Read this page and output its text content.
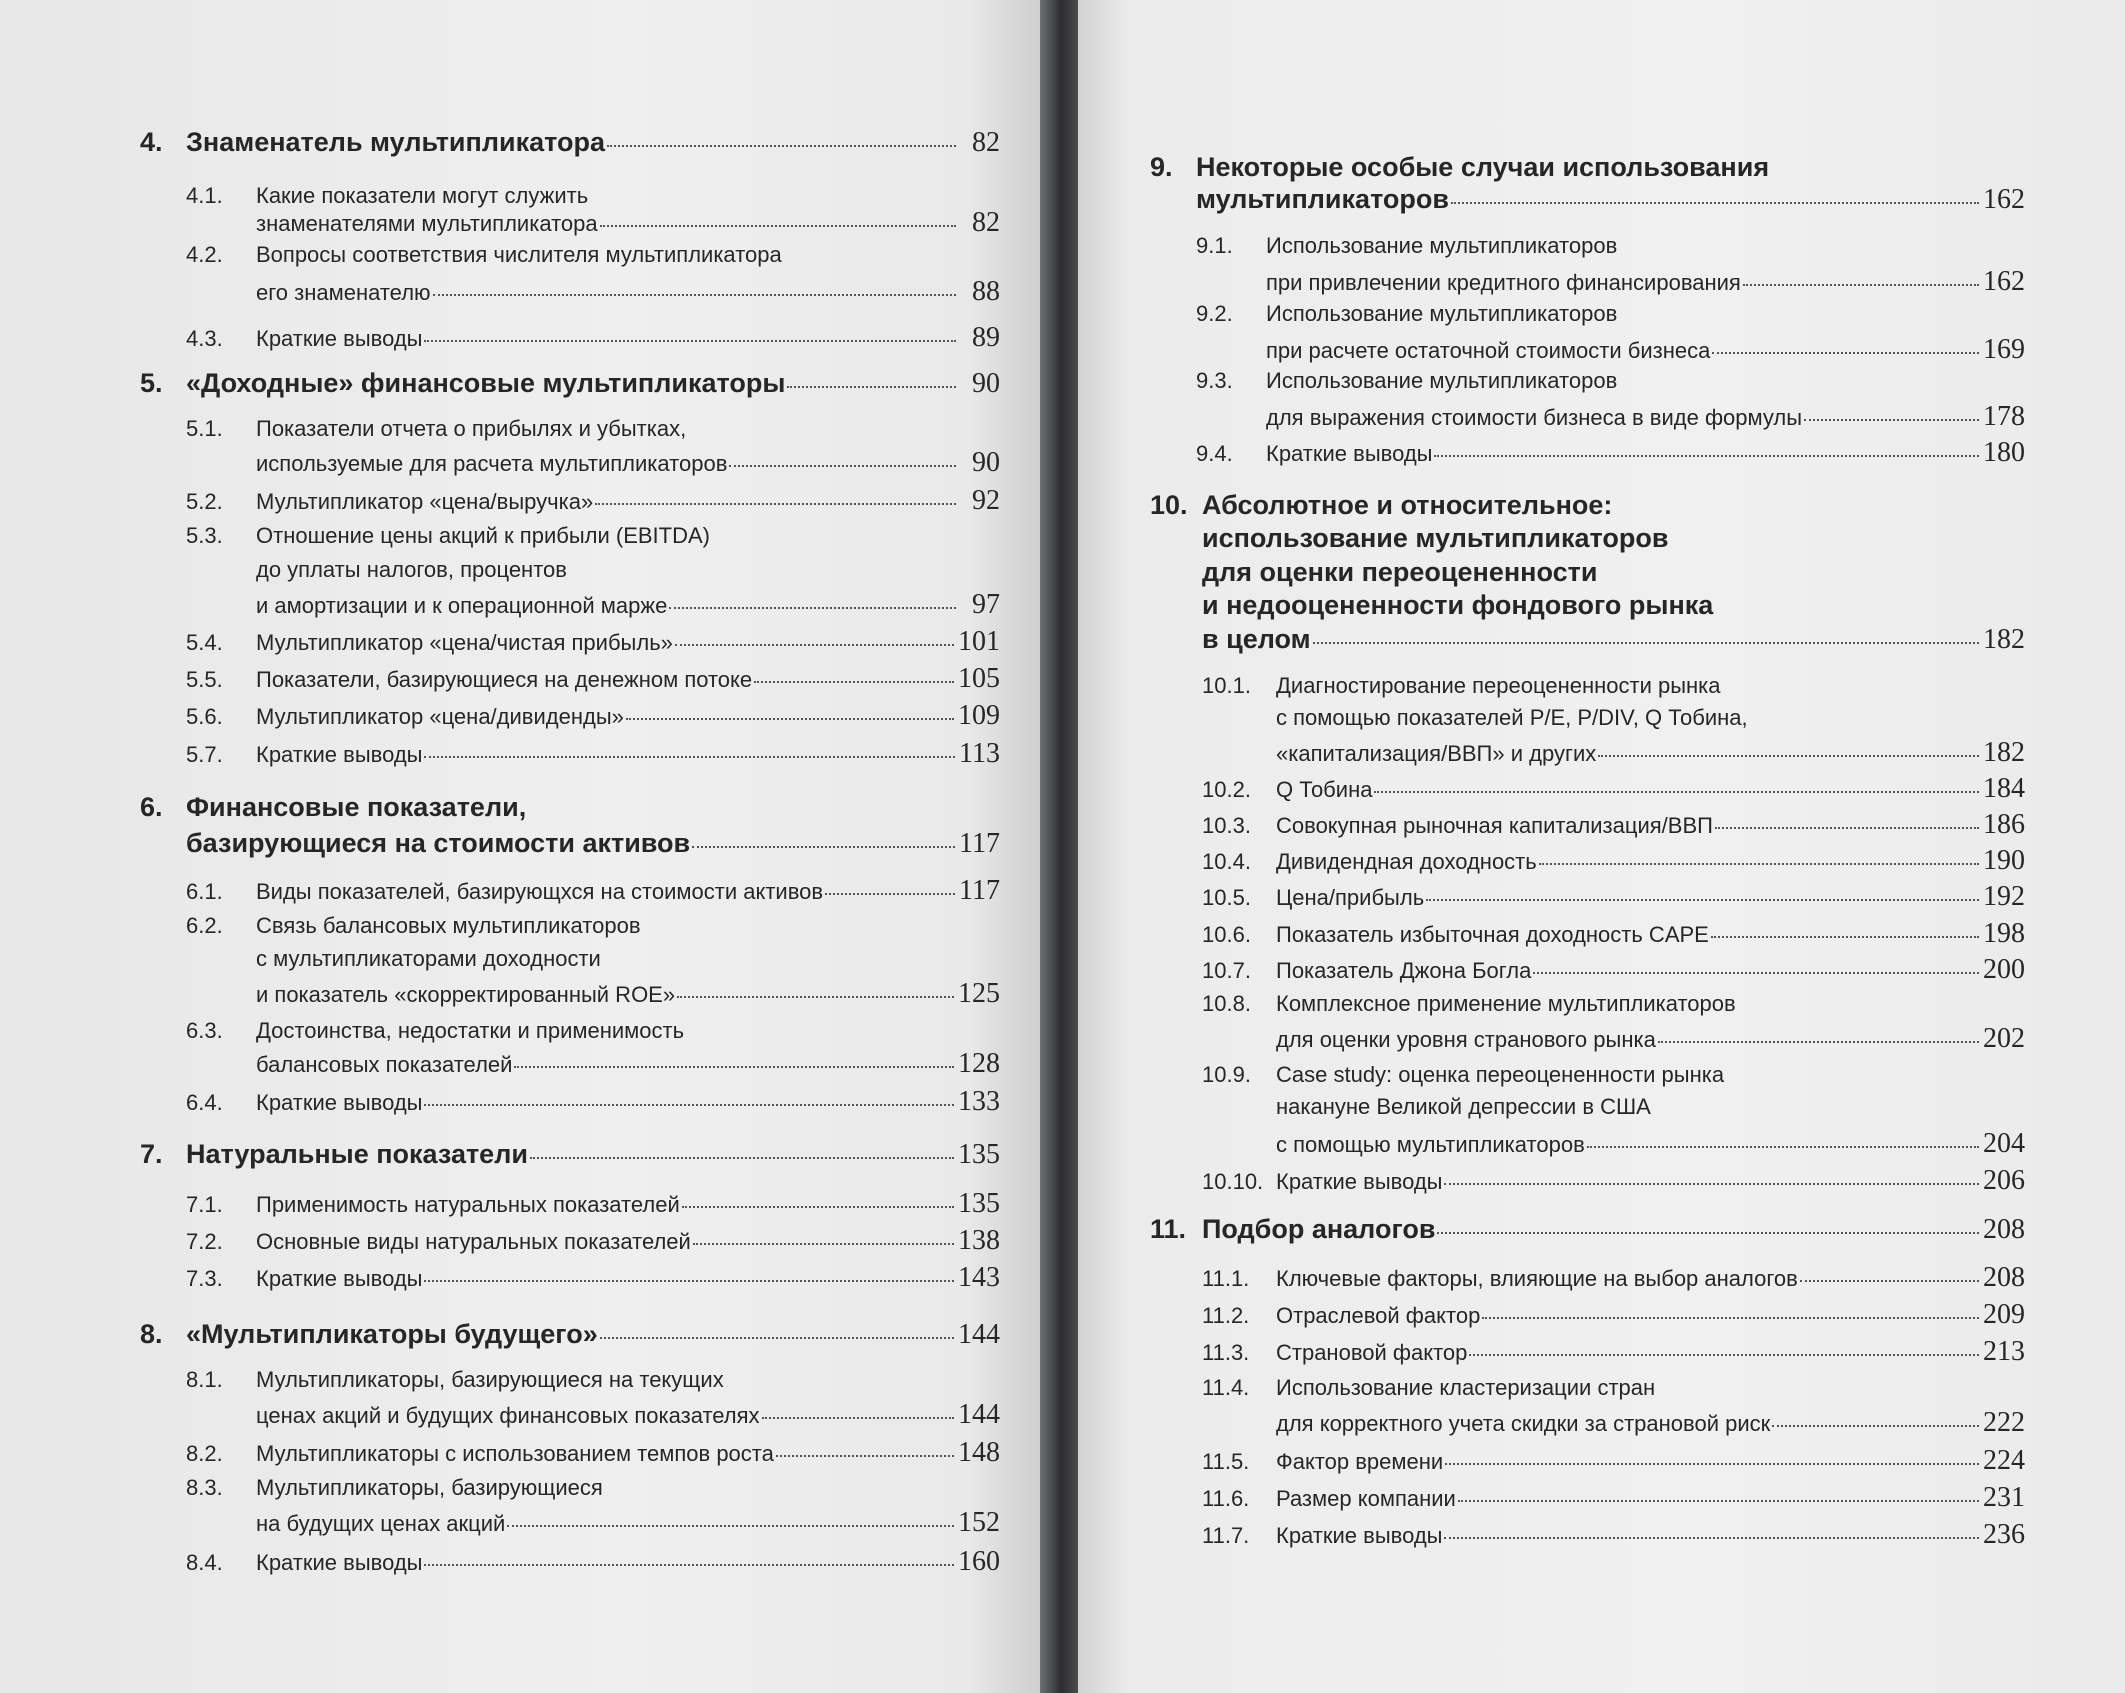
4. Знаменатель мультипликатора	82
4.1.	Какие показатели могут служить
знаменателями мультипликатора	82
4.2.	Вопросы соответствия числителя мультипликатора
его знаменателю	88
4.3.	Краткие выводы	89
5. «Доходные» финансовые мультипликаторы	90
5.1.	Показатели отчета о прибылях и убытках,
используемые для расчета мультипликаторов	90
5.2.	Мультипликатор «цена/выручка»	92
5.3.	Отношение цены акций к прибыли (EBITDA)
до уплаты налогов, процентов
и амортизации и к операционной марже	97
5.4.	Мультипликатор «цена/чистая прибыль»	101
5.5.	Показатели, базирующиеся на денежном потоке	105
5.6.	Мультипликатор «цена/дивиденды»	109
5.7.	Краткие выводы	113
6. Финансовые показатели,
базирующиеся на стоимости активов	117
6.1.	Виды показателей, базирующхся на стоимости активов	117
6.2.	Связь балансовых мультипликаторов
с мультипликаторами доходности
и показатель «скорректированный ROE»	125
6.3.	Достоинства, недостатки и применимость
балансовых показателей	128
6.4.	Краткие выводы	133
7. Натуральные показатели	135
7.1.	Применимость натуральных показателей	135
7.2.	Основные виды натуральных показателей	138
7.3.	Краткие выводы	143
8. «Мультипликаторы будущего»	144
8.1.	Мультипликаторы, базирующиеся на текущих
ценах акций и будущих финансовых показателях	144
8.2.	Мультипликаторы с использованием темпов роста	148
8.3.	Мультипликаторы, базирующиеся
на будущих ценах акций	152
8.4.	Краткие выводы	160
9. Некоторые особые случаи использования
мультипликаторов	162
9.1.	Использование мультипликаторов
при привлечении кредитного финансирования	162
9.2.	Использование мультипликаторов
при расчете остаточной стоимости бизнеса	169
9.3.	Использование мультипликаторов
для выражения стоимости бизнеса в виде формулы	178
9.4.	Краткие выводы	180
10. Абсолютное и относительное:
использование мультипликаторов
для оценки переоцененности
и недооцененности фондового рынка
в целом	182
10.1.	Диагностирование переоцененности рынка
с помощью показателей P/E, P/DIV, Q Тобина,
«капитализация/ВВП» и других	182
10.2.	Q Тобина	184
10.3.	Совокупная рыночная капитализация/ВВП	186
10.4.	Дивидендная доходность	190
10.5.	Цена/прибыль	192
10.6.	Показатель избыточная доходность CAPE	198
10.7.	Показатель Джона Богла	200
10.8.	Комплексное применение мультипликаторов
для оценки уровня странового рынка	202
10.9.	Case study: оценка переоцененности рынка
накануне Великой депрессии в США
с помощью мультипликаторов	204
10.10. Краткие выводы	206
11. Подбор аналогов	208
11.1.	Ключевые факторы, влияющие на выбор аналогов	208
11.2.	Отраслевой фактор	209
11.3.	Страновой фактор	213
11.4.	Использование кластеризации стран
для корректного учета скидки за страновой риск	222
11.5.	Фактор времени	224
11.6.	Размер компании	231
11.7.	Краткие выводы	236
